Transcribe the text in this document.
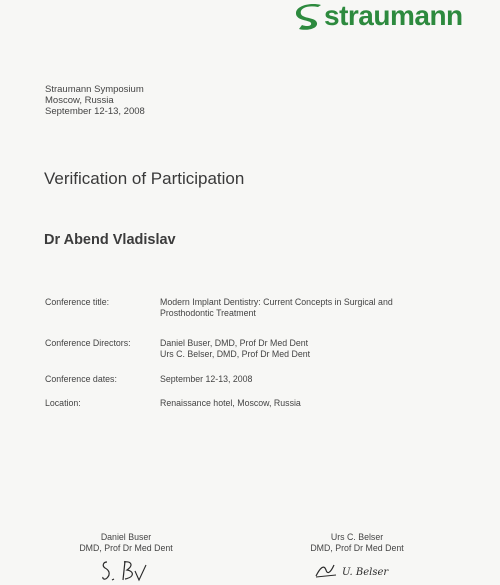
straumann
Straumann Symposium
Moscow, Russia
September 12-13, 2008
Verification of Participation
Dr Abend Vladislav
Conference title:	Modern Implant Dentistry: Current Concepts in Surgical and
Prosthodontic Treatment
Conference Directors:	Daniel Buser, DMD, Prof Dr Med Dent
Urs C. Belser, DMD, Prof Dr Med Dent
Conference dates:	September 12-13, 2008
Location:	Renaissance hotel, Moscow, Russia
Daniel Buser
DMD, Prof Dr Med Dent
Urs C. Belser
DMD, Prof Dr Med Dent
U. Belser
